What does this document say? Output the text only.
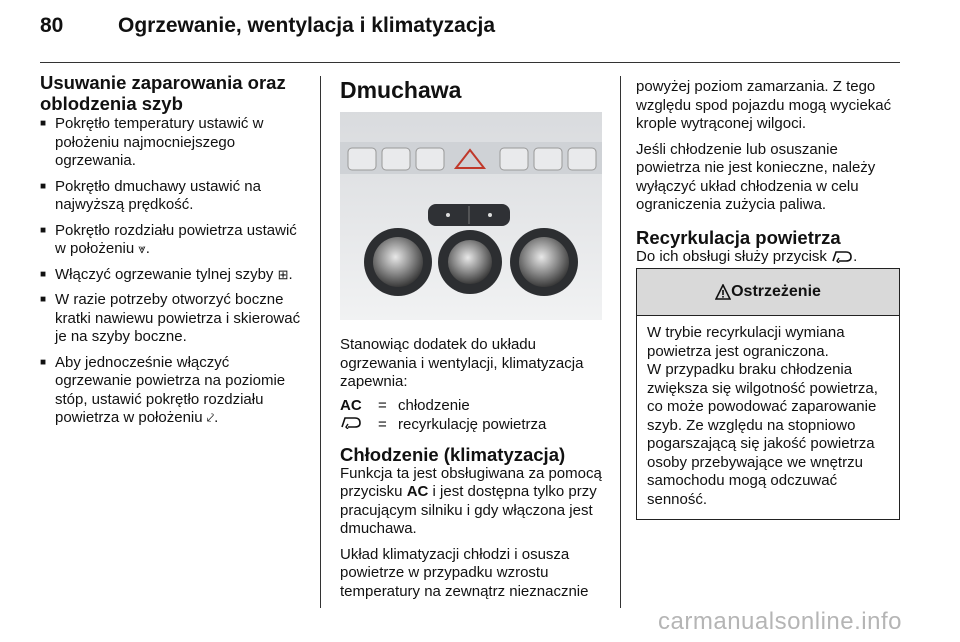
80	Ogrzewanie, wentylacja i klimatyzacja
Usuwanie zaparowania oraz oblodzenia szyb
■ Pokrętło temperatury ustawić w położeniu najmocniejszego ogrzewania.
■ Pokrętło dmuchawy ustawić na najwyższą prędkość.
■ Pokrętło rozdziału powietrza ustawić w położeniu ⩔.
■ Włączyć ogrzewanie tylnej szyby ⊞.
■ W razie potrzeby otworzyć boczne kratki nawiewu powietrza i skierować je na szyby boczne.
■ Aby jednocześnie włączyć ogrzewanie powietrza na poziomie stóp, ustawić pokrętło rozdziału powietrza w położeniu ⤦.
Dmuchawa

Stanowiąc dodatek do układu ogrzewania i wentylacji, klimatyzacja zapewnia:

AC	= chłodzenie
= recyrkulację powietrza
Chłodzenie (klimatyzacja)

Funkcja ta jest obsługiwana za pomocą przycisku AC i jest dostępna tylko przy pracującym silniku i gdy włączona jest dmuchawa.

Układ klimatyzacji chłodzi i osusza powietrze w przypadku wzrostu temperatury na zewnątrz nieznacznie

powyżej poziom zamarzania. Z tego względu spod pojazdu mogą wyciekać krople wytrąconej wilgoci.

Jeśli chłodzenie lub osuszanie powietrza nie jest konieczne, należy wyłączyć układ chłodzenia w celu ograniczenia zużycia paliwa.

Recyrkulacja powietrza

Do ich obsługi służy przycisk .

Ostrzeżenie

W trybie recyrkulacji wymiana powietrza jest ograniczona.

W przypadku braku chłodzenia zwiększa się wilgotność powietrza, co może powodować zaparowanie szyb. Ze względu na stopniowo pogarszającą się jakość powietrza osoby przebywające we wnętrzu samochodu mogą odczuwać senność.

carmanualsonline.info
